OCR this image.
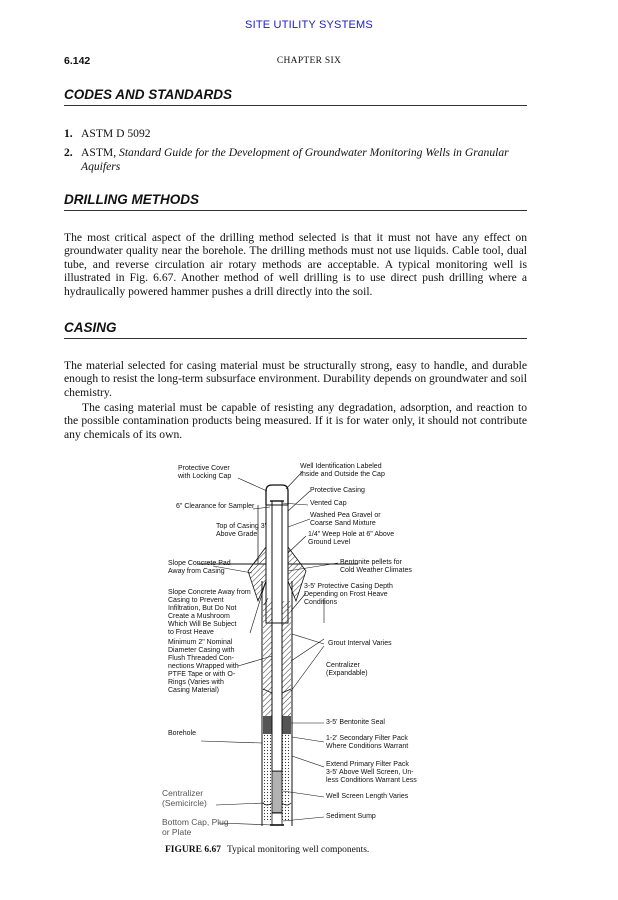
SITE UTILITY SYSTEMS
6.142	CHAPTER SIX
CODES AND STANDARDS
1. ASTM D 5092
2. ASTM, Standard Guide for the Development of Groundwater Monitoring Wells in Granular Aquifers
DRILLING METHODS

The most critical aspect of the drilling method selected is that it must not have any effect on groundwater quality near the borehole. The drilling methods must not use liquids. Cable tool, dual tube, and reverse circulation air rotary methods are acceptable. A typical monitoring well is illustrated in Fig. 6.67. Another method of well drilling is to use direct push drilling where a hydraulically powered hammer pushes a drill directly into the soil.

CASING

The material selected for casing material must be structurally strong, easy to handle, and durable enough to resist the long-term subsurface environment. Durability depends on groundwater and soil chemistry.

The casing material must be capable of resisting any degradation, adsorption, and reaction to the possible contamination products being measured. If it is for water only, it should not contribute any chemicals of its own.

Protective Cover
with Locking Cap
6" Clearance for Sampler
Top of Casing 3'
Above Grade
Slope Concrete Pad
Away from Casing
Slope Concrete Away from
Casing to Prevent
Infiltration, But Do Not
Create a Mushroom
Which Will Be Subject
to Frost Heave
Minimum 2" Nominal
Diameter Casing with
Flush Threaded Con-
nections Wrapped with
PTFE Tape or with O-
Rings (Varies with
Casing Material)
Borehole
Centralizer
(Semicircle)
Bottom Cap, Plug
or Plate
Well Identification Labeled
Inside and Outside the Cap
Protective Casing
Vented Cap
Washed Pea Gravel or
Coarse Sand Mixture
1/4" Weep Hole at 6" Above
Ground Level
Bentonite pellets for
Cold Weather Climates
3-5' Protective Casing Depth
Depending on Frost Heave
Conditions
Grout Interval Varies
Centralizer
(Expandable)
3-5' Bentonite Seal
1-2' Secondary Filter Pack
Where Conditions Warrant
Extend Primary Filter Pack
3-5' Above Well Screen, Un-
less Conditions Warrant Less
Well Screen Length Varies
Sediment Sump
FIGURE 6.67 Typical monitoring well components.
